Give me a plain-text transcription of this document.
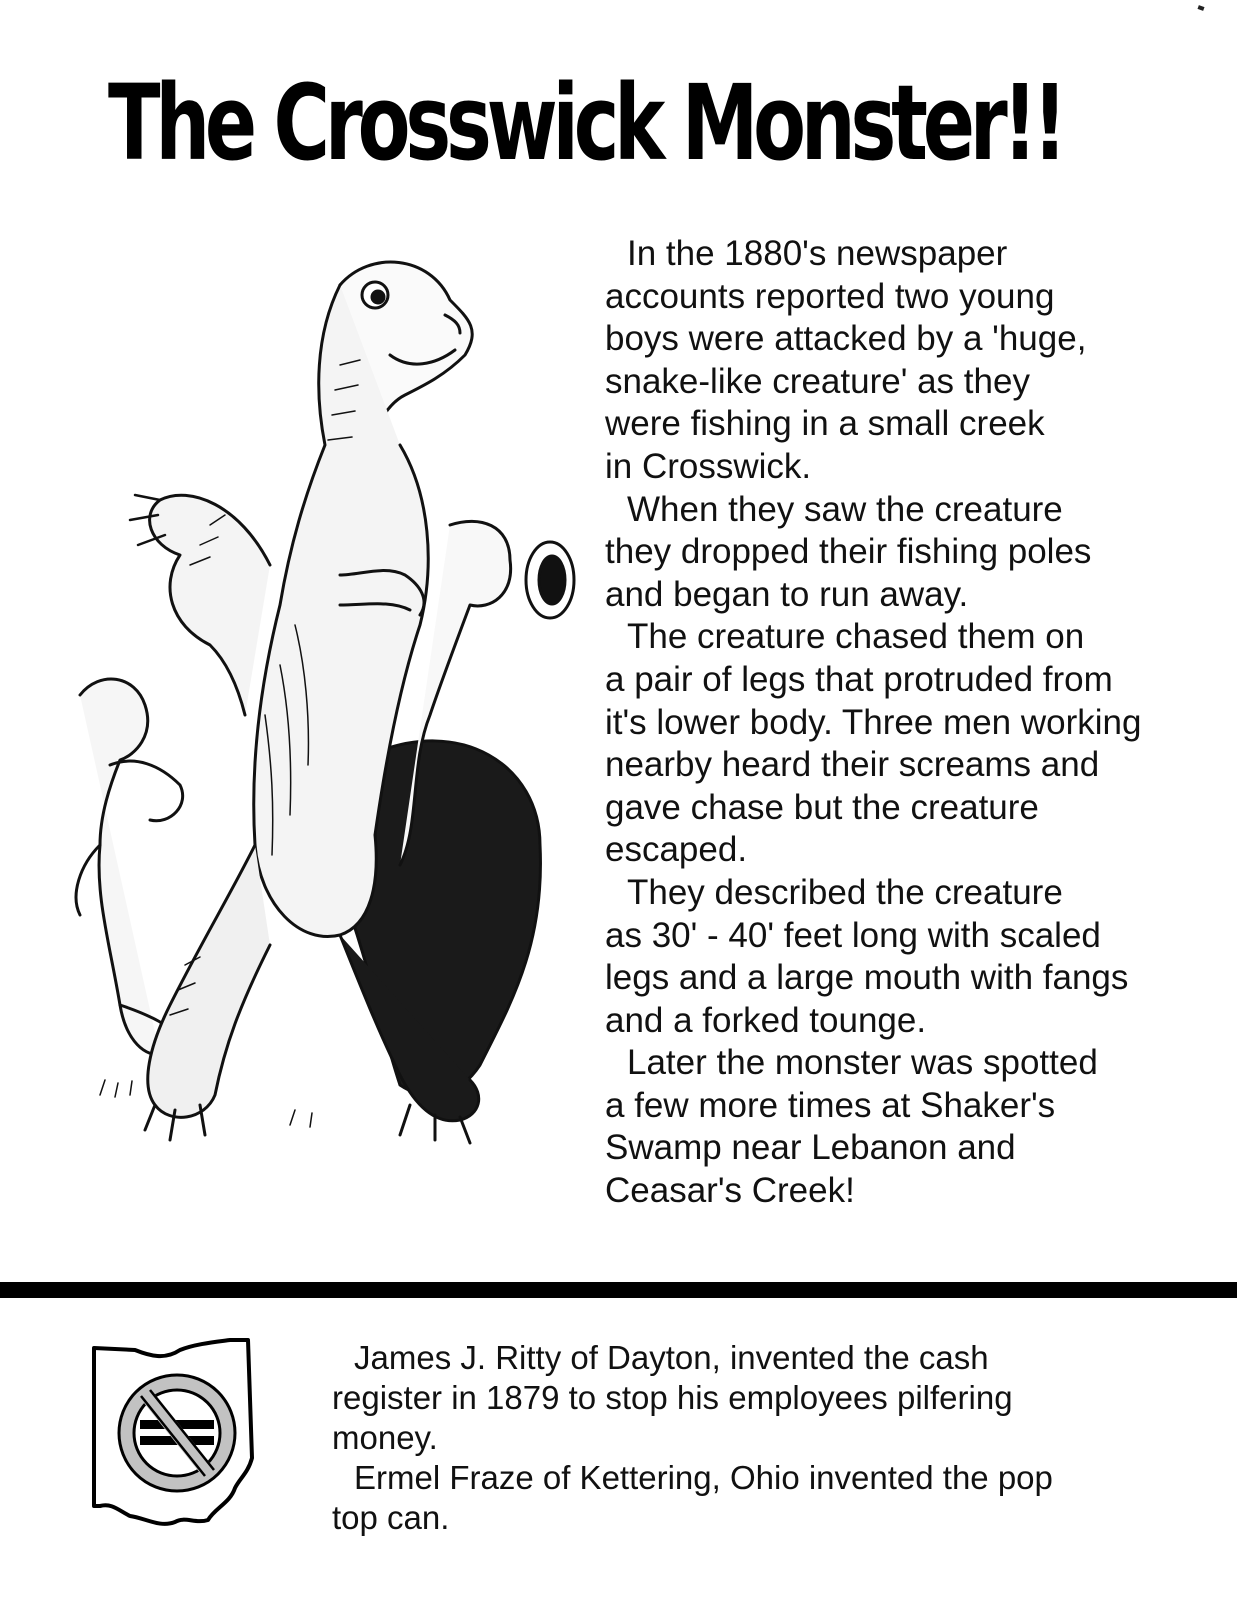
The Crosswick Monster!!

In the 1880's newspaper
accounts reported two young
boys were attacked by a 'huge,
snake-like creature' as they
were fishing in a small creek
in Crosswick.

When they saw the creature
they dropped their fishing poles
and began to run away.

The creature chased them on
a pair of legs that protruded from
it's lower body. Three men working
nearby heard their screams and
gave chase but the creature
escaped.

They described the creature
as 30' - 40' feet long with scaled
legs and a large mouth with fangs
and a forked tounge.

Later the monster was spotted
a few more times at Shaker's
Swamp near Lebanon and
Ceasar's Creek!

James J. Ritty of Dayton, invented the cash
register in 1879 to stop his employees pilfering
money.

Ermel Fraze of Kettering, Ohio invented the pop
top can.
